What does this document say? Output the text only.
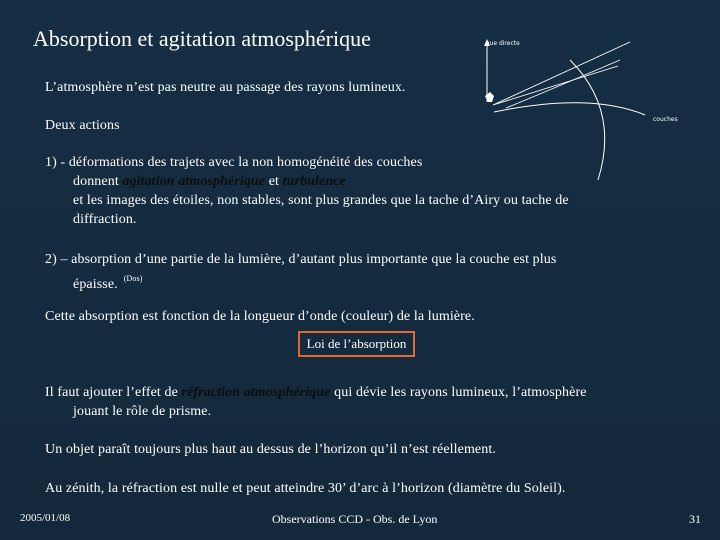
Absorption et agitation atmosphérique	vue directe
couches
L’atmosphère n’est pas neutre au passage des rayons lumineux.
Deux actions
1) - déformations des trajets avec la non homogénéité des couches
donnent agitation atmosphérique et turbulence
et les images des étoiles, non stables, sont plus grandes que la tache d’Airy ou tache de
diffraction.
2) – absorption d’une partie de la lumière, d’autant plus importante que la couche est plus
épaisse. $^{(Dos)}$
Cette absorption est fonction de la longueur d’onde (couleur) de la lumière.
Loi de l’absorption
Il faut ajouter l’effet de réfraction atmosphérique qui dévie les rayons lumineux, l’atmosphère
jouant le rôle de prisme.
Un objet paraît toujours plus haut au dessus de l’horizon qu’il n’est réellement.
Au zénith, la réfraction est nulle et peut atteindre 30’ d’arc à l’horizon (diamètre du Soleil).
2005/01/08	Observations CCD - Obs. de Lyon	31
